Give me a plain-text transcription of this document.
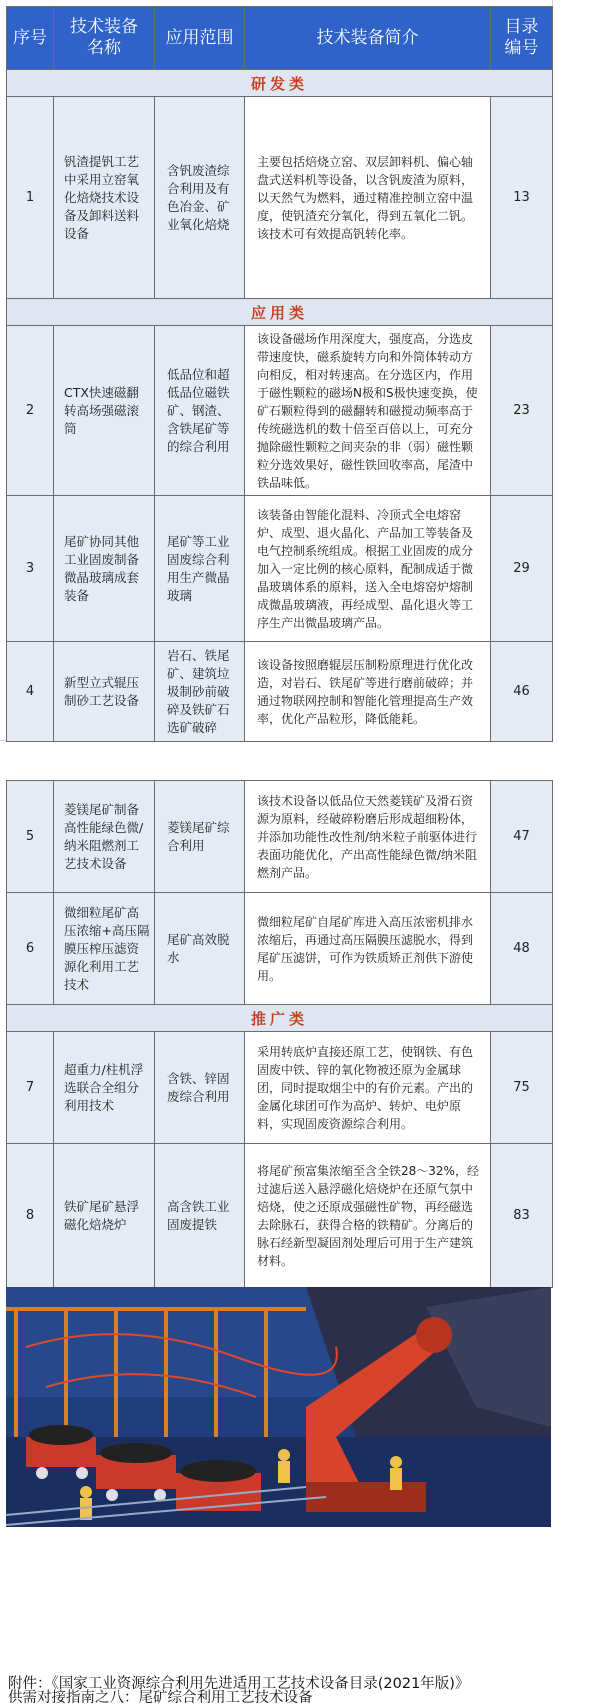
序号	技术装备名称	应用范围	技术装备简介	目录编号
研发类				
1	钒渣提钒工艺中采用立窑氧化焙烧技术设备及卸料送料设备	含钒废渣综合利用及有色冶金、矿业氧化焙烧	主要包括焙烧立窑、双层卸料机、偏心轴盘式送料机等设备，以含钒废渣为原料，以天然气为燃料，通过精准控制立窑中温度，使钒渣充分氧化，得到五氧化二钒。该技术可有效提高钒转化率。	13
应用类				
2	CTX快速磁翻转高场强磁滚筒	低品位和超低品位磁铁矿、钢渣、含铁尾矿等的综合利用	该设备磁场作用深度大，强度高，分选皮带速度快，磁系旋转方向和外筒体转动方向相反，相对转速高。在分选区内，作用于磁性颗粒的磁场N极和S极快速变换，使矿石颗粒得到的磁翻转和磁搅动频率高于传统磁选机的数十倍至百倍以上，可充分抛除磁性颗粒之间夹杂的非（弱）磁性颗粒分选效果好，磁性铁回收率高，尾渣中铁品味低。	23
3	尾矿协同其他工业固废制备微晶玻璃成套装备	尾矿等工业固废综合利用生产微晶玻璃	该装备由智能化混料、冷顶式全电熔窑炉、成型、退火晶化、产品加工等装备及电气控制系统组成。根据工业固废的成分加入一定比例的核心原料，配制成适于微晶玻璃体系的原料，送入全电熔窑炉熔制成微晶玻璃液，再经成型、晶化退火等工序生产出微晶玻璃产品。	29
4	新型立式辊压制砂工艺设备	岩石、铁尾矿、建筑垃圾制砂前破碎及铁矿石选矿破碎	该设备按照磨辊层压制粉原理进行优化改造，对岩石、铁尾矿等进行磨前破碎；并通过物联网控制和智能化管理提高生产效率，优化产品粒形，降低能耗。	46
5	菱镁尾矿制备高性能绿色微/纳米阻燃剂工艺技术设备	菱镁尾矿综合利用	该技术设备以低品位天然菱镁矿及滑石资源为原料，经破碎粉磨后形成超细粉体，并添加功能性改性剂/纳米粒子前驱体进行表面功能优化，产出高性能绿色微/纳米阻燃剂产品。	47
6	微细粒尾矿高压浓缩+高压隔膜压榨压滤资源化利用工艺技术	尾矿高效脱水	微细粒尾矿自尾矿库进入高压浓密机排水浓缩后，再通过高压隔膜压滤脱水，得到尾矿压滤饼，可作为铁质矫正剂供下游使用。	48
推广类				
7	超重力/柱机浮选联合全组分利用技术	含铁、锌固废综合利用	采用转底炉直接还原工艺，使钢铁、有色固废中铁、锌的氧化物被还原为金属球团，同时提取烟尘中的有价元素。产出的金属化球团可作为高炉、转炉、电炉原料，实现固废资源综合利用。	75
8	铁矿尾矿悬浮磁化焙烧炉	高含铁工业固废提铁	将尾矿预富集浓缩至含全铁28～32%，经过滤后送入悬浮磁化焙烧炉在还原气氛中焙烧，使之还原成强磁性矿物，再经磁选去除脉石，获得合格的铁精矿。分离后的脉石经新型凝固剂处理后可用于生产建筑材料。	83
附件：《国家工业资源综合利用先进适用工艺技术设备目录(2021年版)》
供需对接指南之八：尾矿综合利用工艺技术设备
